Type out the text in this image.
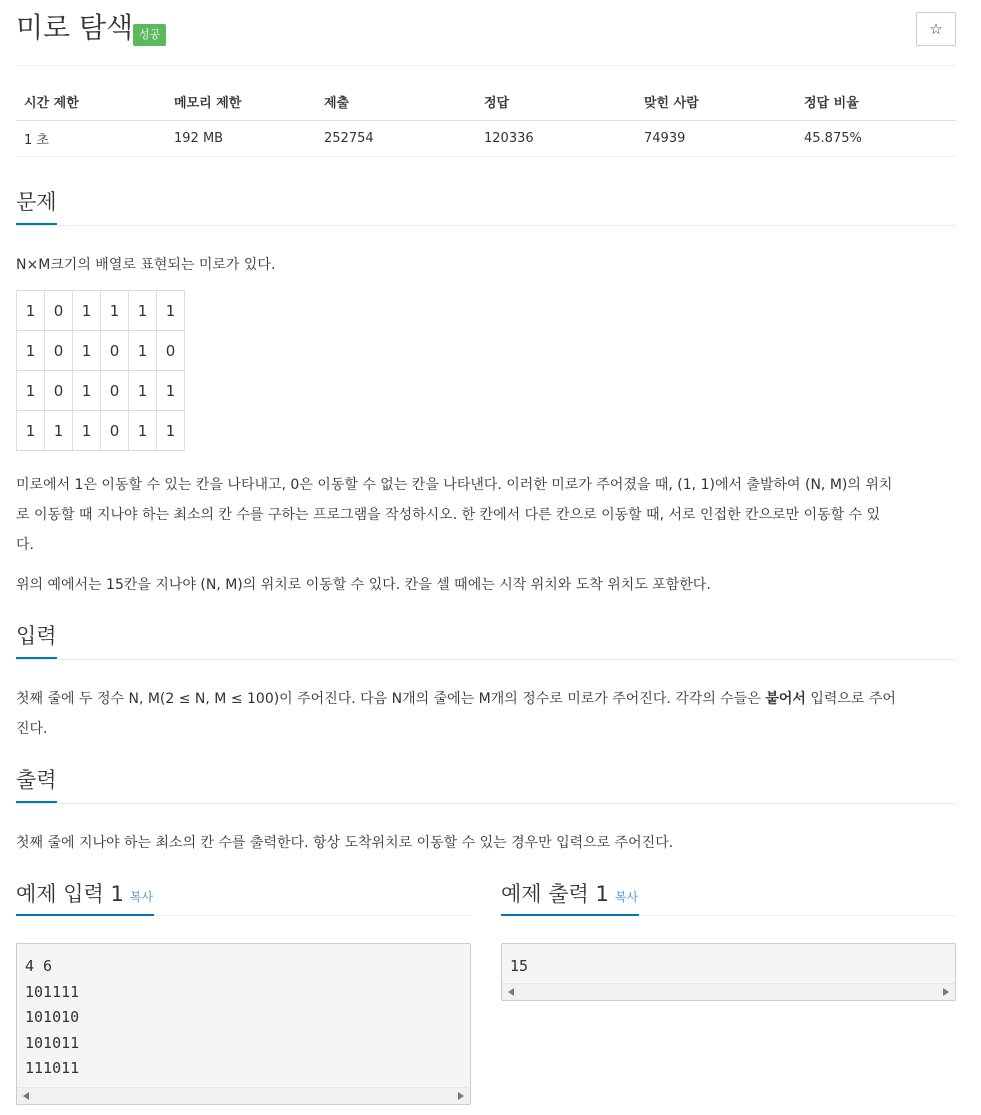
미로 탐색 성공	☆
시간 제한	메모리 제한	제출	정답	맞힌 사람	정답 비율
1 초	192 MB	252754	120336	74939	45.875%
문제
N×M크기의 배열로 표현되는 미로가 있다.
1	0	1	1	1	1
1	0	1	0	1	0
1	0	1	0	1	1
1	1	1	0	1	1
미로에서 1은 이동할 수 있는 칸을 나타내고, 0은 이동할 수 없는 칸을 나타낸다. 이러한 미로가 주어졌을 때, (1, 1)에서 출발하여 (N, M)의 위치
로 이동할 때 지나야 하는 최소의 칸 수를 구하는 프로그램을 작성하시오. 한 칸에서 다른 칸으로 이동할 때, 서로 인접한 칸으로만 이동할 수 있
다.
위의 예에서는 15칸을 지나야 (N, M)의 위치로 이동할 수 있다. 칸을 셀 때에는 시작 위치와 도착 위치도 포함한다.
입력
첫째 줄에 두 정수 N, M(2 ≤ N, M ≤ 100)이 주어진다. 다음 N개의 줄에는 M개의 정수로 미로가 주어진다. 각각의 수들은 붙어서 입력으로 주어
진다.
출력
첫째 줄에 지나야 하는 최소의 칸 수를 출력한다. 항상 도착위치로 이동할 수 있는 경우만 입력으로 주어진다.
예제 입력 1 복사
4 6
101111
101010
101011
111011
예제 출력 1 복사
15
